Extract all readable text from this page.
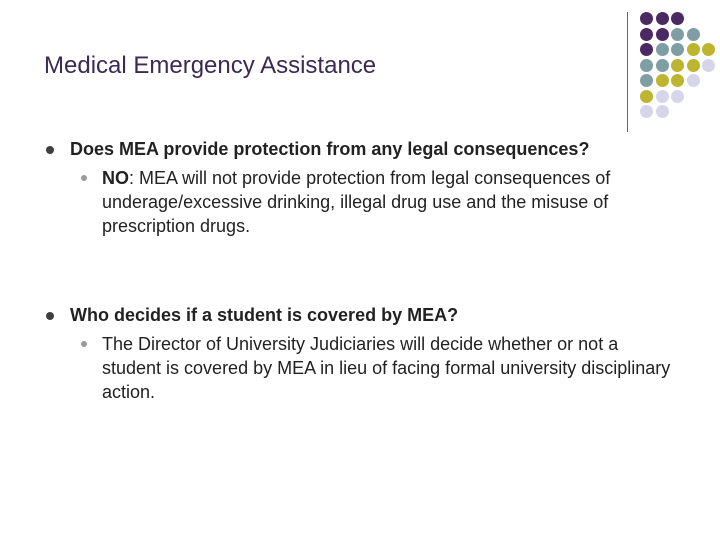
Medical Emergency Assistance
Does MEA provide protection from any legal consequences?
NO: MEA will not provide protection from legal consequences of underage/excessive drinking, illegal drug use and the misuse of prescription drugs.
Who decides if a student is covered by MEA?
The Director of University Judiciaries will decide whether or not a student is covered by MEA in lieu of facing formal university disciplinary action.
